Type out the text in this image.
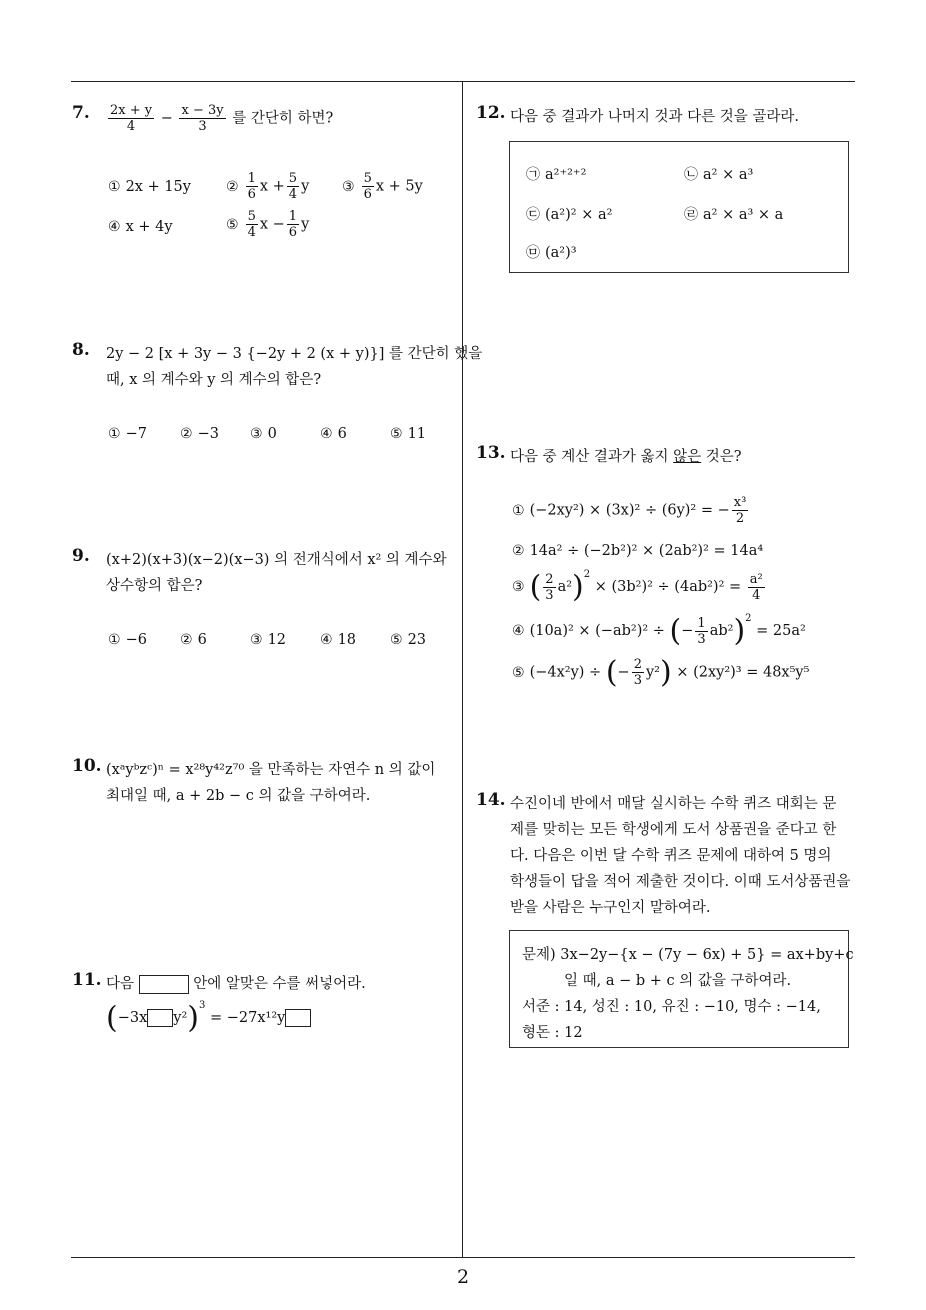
7. $\frac{2x + y}{4} - \frac{x - 3y}{3}$ 를 간단히 하면?
① 2x + 15y	② $\frac{1}{6}$ $x + \frac{5}{4}$ y ③ $\frac{5}{6}$ x + 5y
④ x + 4y	⑤ $\frac{5}{4}$ $x - \frac{1}{6}$ y
8. 2y − 2 [x + 3y − 3 {−2y + 2 (x + y)}] 를 간단히 했을
때, x 의 계수와 y 의 계수의 합은?
① −7 ② −3 ③ 0	④ 6	⑤ 11
9. (x+2)(x+3)(x−2)(x−3) 의 전개식에서 x² 의 계수와
상수항의 합은?
① −6 ② 6	③ 12 ④ 18 ⑤ 23
10. (xᵃyᵇzᶜ)ⁿ = x²⁸y⁴²z⁷⁰ 을 만족하는 자연수 n 의 값이
최대일 때, a + 2b − c 의 값을 구하여라.
11. 다음	안에 알맞은 수를 써넣어라.
(−3x y²)$^3$ = −27x¹²y
12. 다음 중 결과가 나머지 것과 다른 것을 골라라.
㉠ a²⁺²⁺²	㉡ a² × a³
㉢ (a²)² × a²	㉣ a² × a³ × a
㉤ (a²)³
13. 다음 중 계산 결과가 옳지 않은 것은?
① (−2xy²) × (3x)² ÷ (6y)² = − $\frac{\text{x³}}{2}$
② 14a² ÷ (−2b²)² × (2ab²)² = 14a⁴
③ ( $\frac{2}{3} a^2)^2 \times (3b^2)^2 \div (4ab^2)^2 = \frac{\text{a²}}{4}$
④ (10a)² × (−ab²)² ÷ (− $\frac{1}{3} ab^2)^2 = 25a^2$
⑤ (−4x²y) ÷ (− $\frac{2}{3} y^2) \times (2xy^2)^3 = 48x^5y^5$
14. 수진이네 반에서 매달 실시하는 수학 퀴즈 대회는 문
제를 맞히는 모든 학생에게 도서 상품권을 준다고 한
다. 다음은 이번 달 수학 퀴즈 문제에 대하여 5 명의
학생들이 답을 적어 제출한 것이다. 이때 도서상품권을
받을 사람은 누구인지 말하여라.
문제) 3x−2y−{x − (7y − 6x) + 5} = ax+by+c
일 때, a − b + c 의 값을 구하여라.
서준 : 14, 성진 : 10, 유진 : −10, 명수 : −14,
형돈 : 12
2
